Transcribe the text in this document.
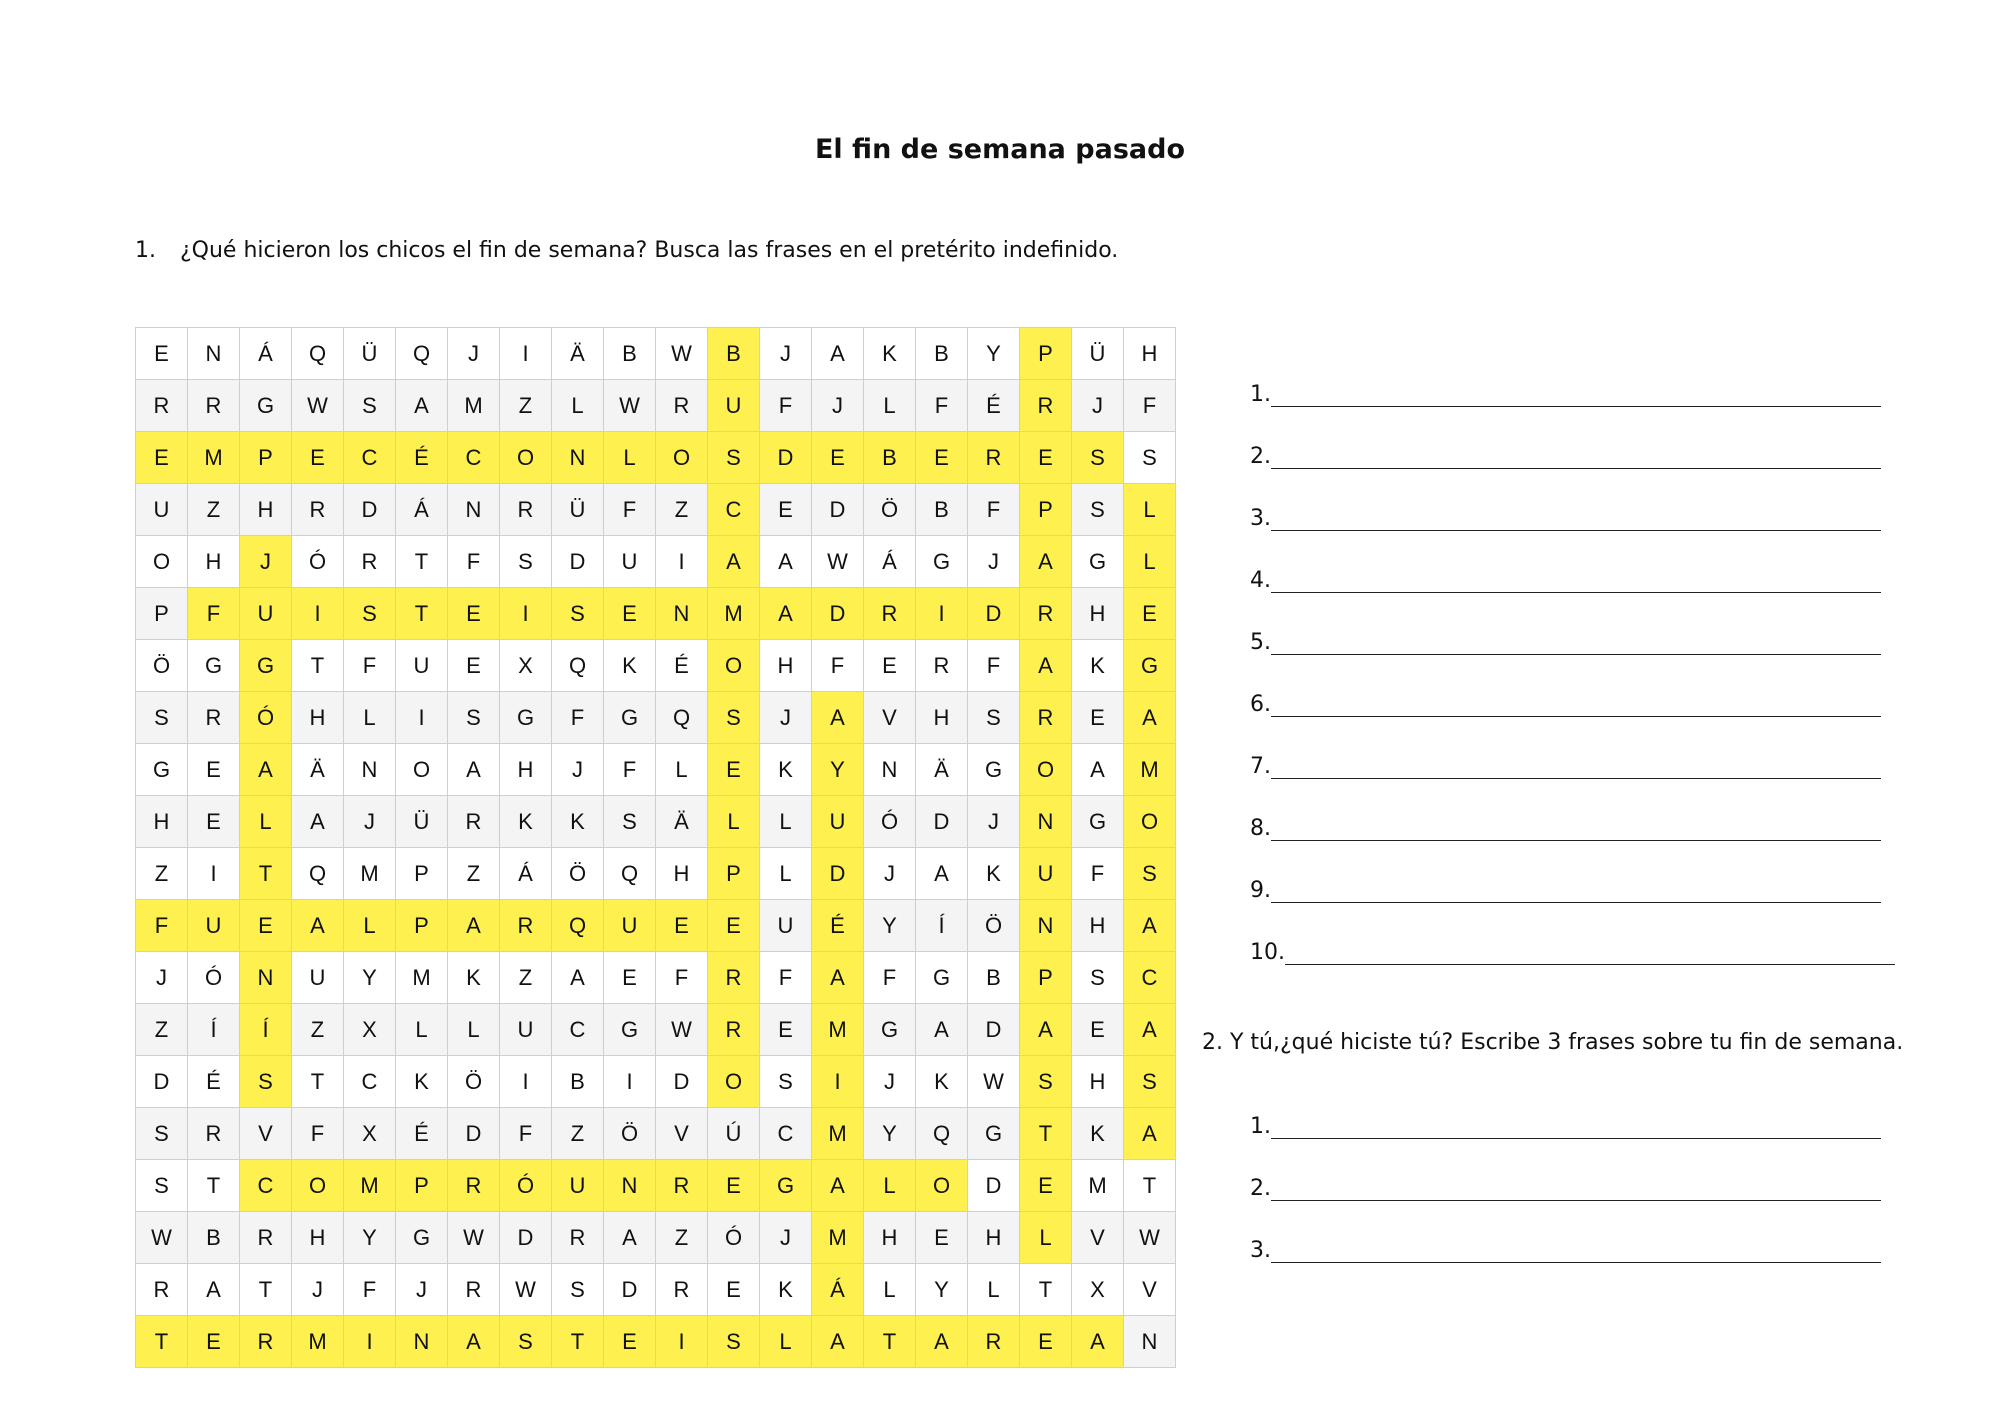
El fin de semana pasado
1. ¿Qué hicieron los chicos el fin de semana? Busca las frases en el pretérito indefinido.
E	N	Á	Q	Ü	Q	J	I	Ä	B	W	B	J	A	K	B	Y	P	Ü	H
R	R	G	W	S	A	M	Z	L	W	R	U	F	J	L	F	É	R	J	F
E	M	P	E	C	É	C	O	N	L	O	S	D	E	B	E	R	E	S	S
U	Z	H	R	D	Á	N	R	Ü	F	Z	C	E	D	Ö	B	F	P	S	L
O	H	J	Ó	R	T	F	S	D	U	I	A	A	W	Á	G	J	A	G	L
P	F	U	I	S	T	E	I	S	E	N	M	A	D	R	I	D	R	H	E
Ö	G	G	T	F	U	E	X	Q	K	É	O	H	F	E	R	F	A	K	G
S	R	Ó	H	L	I	S	G	F	G	Q	S	J	A	V	H	S	R	E	A
G	E	A	Ä	N	O	A	H	J	F	L	E	K	Y	N	Ä	G	O	A	M
H	E	L	A	J	Ü	R	K	K	S	Ä	L	L	U	Ó	D	J	N	G	O
Z	I	T	Q	M	P	Z	Á	Ö	Q	H	P	L	D	J	A	K	U	F	S
F	U	E	A	L	P	A	R	Q	U	E	E	U	É	Y	Í	Ö	N	H	A
J	Ó	N	U	Y	M	K	Z	A	E	F	R	F	A	F	G	B	P	S	C
Z	Í	Í	Z	X	L	L	U	C	G	W	R	E	M	G	A	D	A	E	A
D	É	S	T	C	K	Ö	I	B	I	D	O	S	I	J	K	W	S	H	S
S	R	V	F	X	É	D	F	Z	Ö	V	Ú	C	M	Y	Q	G	T	K	A
S	T	C	O	M	P	R	Ó	U	N	R	E	G	A	L	O	D	E	M	T
W	B	R	H	Y	G	W	D	R	A	Z	Ó	J	M	H	E	H	L	V	W
R	A	T	J	F	J	R	W	S	D	R	E	K	Á	L	Y	L	T	X	V
T	E	R	M	I	N	A	S	T	E	I	S	L	A	T	A	R	E	A	N
1.
2.
3.
4.
5.
6.
7.
8.
9.
10.
2. Y tú,¿qué hiciste tú? Escribe 3 frases sobre tu fin de semana.
1.
2.
3.
